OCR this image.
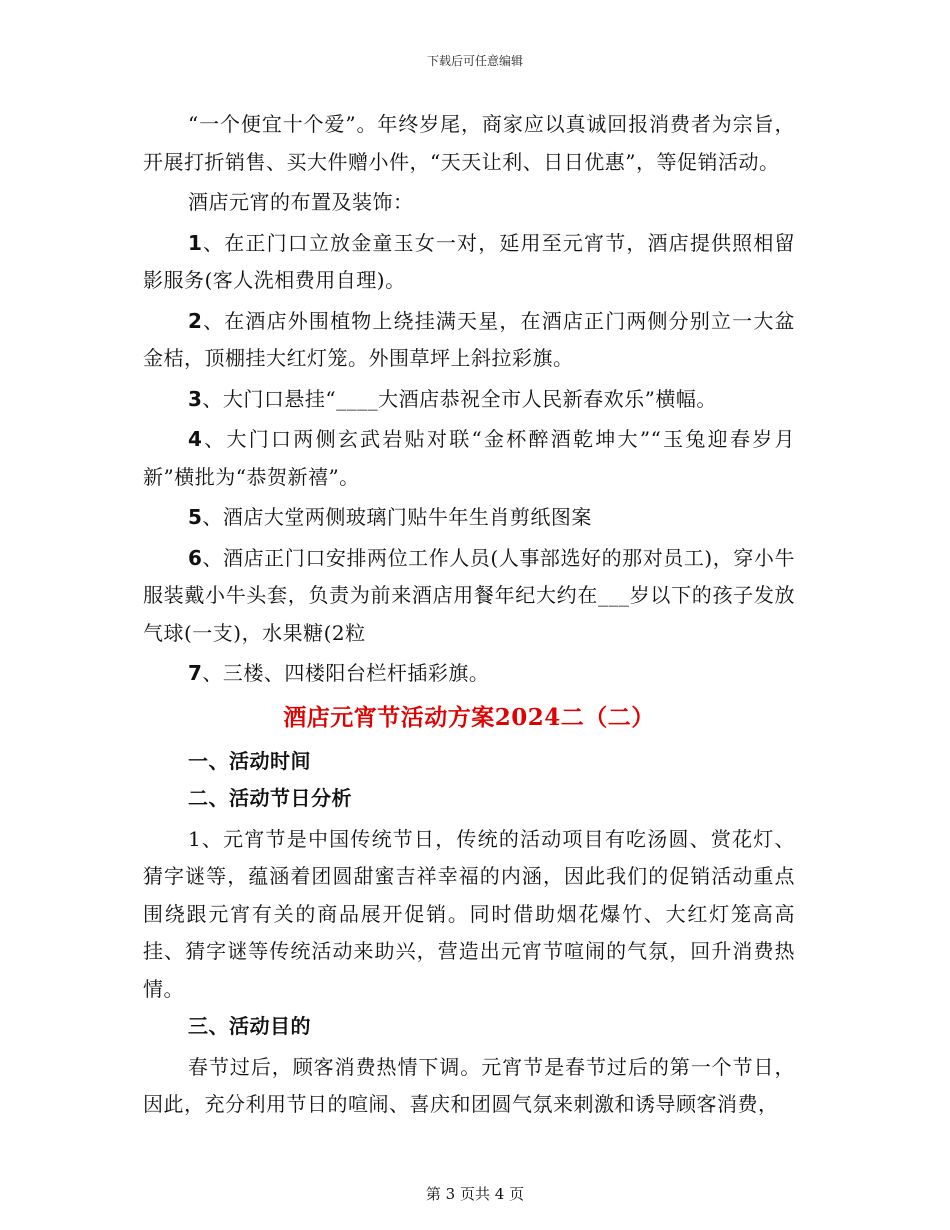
下载后可任意编辑

“一个便宜十个爱”。年终岁尾，商家应以真诚回报消费者为宗旨，开展打折销售、买大件赠小件，“天天让利、日日优惠”，等促销活动。

酒店元宵的布置及装饰：

1、在正门口立放金童玉女一对，延用至元宵节，酒店提供照相留影服务(客人洗相费用自理)。

2、在酒店外围植物上绕挂满天星，在酒店正门两侧分别立一大盆金桔，顶棚挂大红灯笼。外围草坪上斜拉彩旗。

3、大门口悬挂“____大酒店恭祝全市人民新春欢乐”横幅。

4、大门口两侧玄武岩贴对联“金杯醉酒乾坤大”“玉兔迎春岁月新”横批为“恭贺新禧”。

5、酒店大堂两侧玻璃门贴牛年生肖剪纸图案

6、酒店正门口安排两位工作人员(人事部选好的那对员工)，穿小牛服装戴小牛头套，负责为前来酒店用餐年纪大约在___岁以下的孩子发放气球(一支)，水果糖(2粒

7、三楼、四楼阳台栏杆插彩旗。

酒店元宵节活动方案2024二（二）

一、活动时间

二、活动节日分析

1、元宵节是中国传统节日，传统的活动项目有吃汤圆、赏花灯、猜字谜等，蕴涵着团圆甜蜜吉祥幸福的内涵，因此我们的促销活动重点围绕跟元宵有关的商品展开促销。同时借助烟花爆竹、大红灯笼高高挂、猜字谜等传统活动来助兴，营造出元宵节喧闹的气氛，回升消费热情。

三、活动目的

春节过后，顾客消费热情下调。元宵节是春节过后的第一个节日，因此，充分利用节日的喧闹、喜庆和团圆气氛来刺激和诱导顾客消费，

第 3 页共 4 页
